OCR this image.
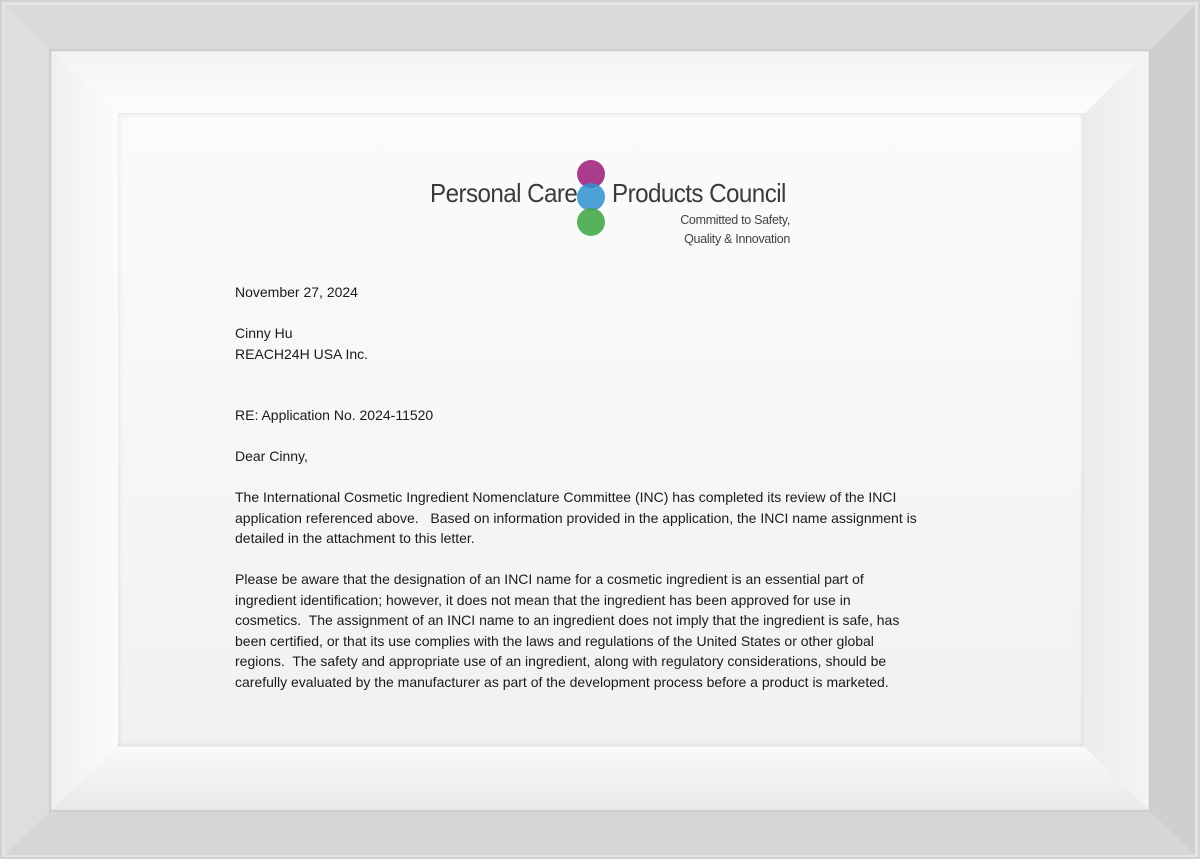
Personal Care Products Council
Committed to Safety,
Quality & Innovation

November 27, 2024

Cinny Hu

REACH24H USA Inc.

RE: Application No. 2024-11520

Dear Cinny,

The International Cosmetic Ingredient Nomenclature Committee (INC) has completed its review of the INCI
application referenced above.   Based on information provided in the application, the INCI name assignment is
detailed in the attachment to this letter.
Please be aware that the designation of an INCI name for a cosmetic ingredient is an essential part of
ingredient identification; however, it does not mean that the ingredient has been approved for use in
cosmetics.  The assignment of an INCI name to an ingredient does not imply that the ingredient is safe, has
been certified, or that its use complies with the laws and regulations of the United States or other global
regions.  The safety and appropriate use of an ingredient, along with regulatory considerations, should be
carefully evaluated by the manufacturer as part of the development process before a product is marketed.
